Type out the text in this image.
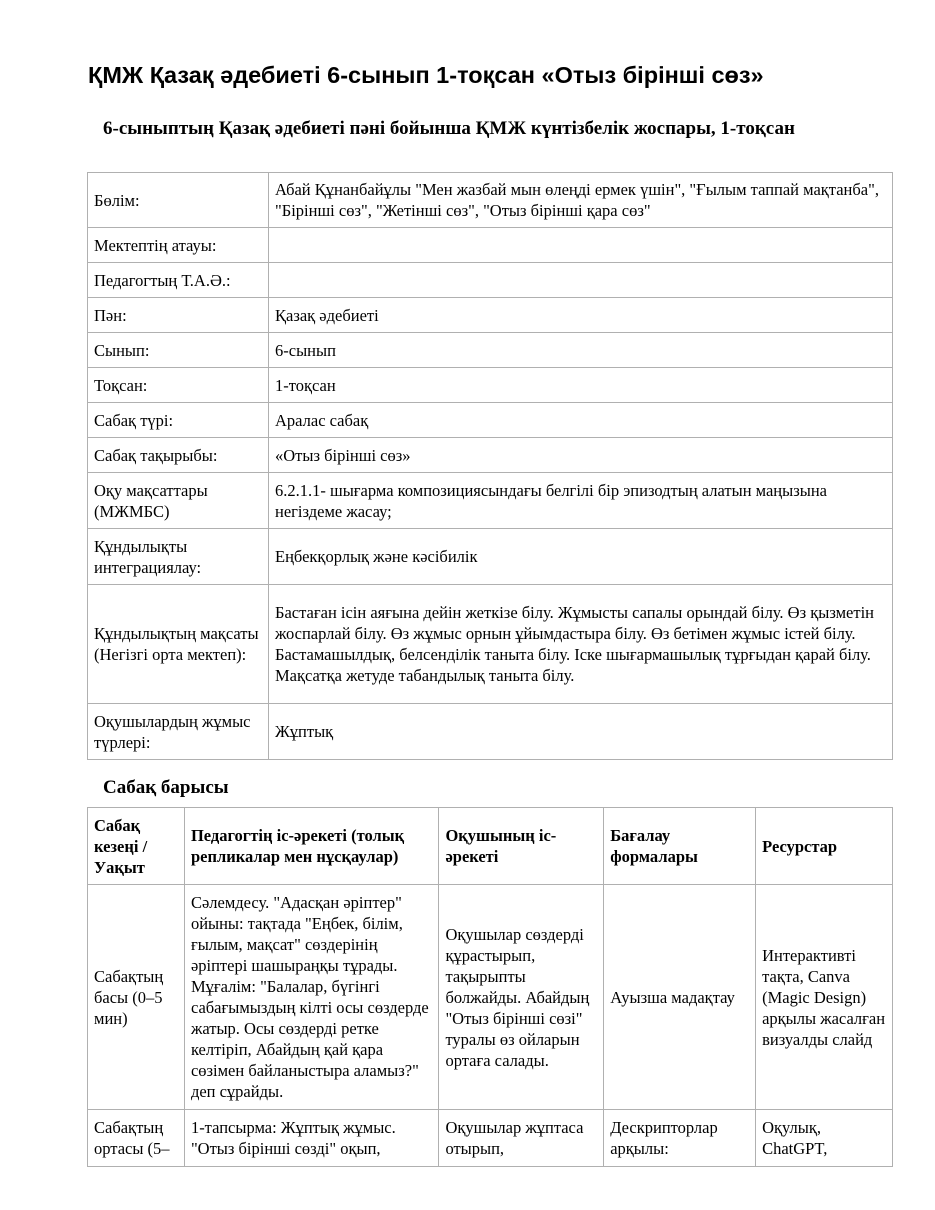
ҚМЖ Қазақ әдебиеті 6-сынып 1-тоқсан «Отыз бірінші сөз»
6-сыныптың Қазақ әдебиеті пәні бойынша ҚМЖ күнтізбелік жоспары, 1-тоқсан
Бөлім:	Абай Құнанбайұлы "Мен жазбай мын өлеңді ермек үшін", "Ғылым таппай мақтанба", "Бірінші сөз", "Жетінші сөз", "Отыз бірінші қара сөз"
Мектептің атауы:	
Педагогтың Т.А.Ә.:	
Пән:	Қазақ әдебиеті
Сынып:	6-сынып
Тоқсан:	1-тоқсан
Сабақ түрі:	Аралас сабақ
Сабақ тақырыбы:	«Отыз бірінші сөз»
Оқу мақсаттары (МЖМБС)	6.2.1.1- шығарма композициясындағы белгілі бір эпизодтың алатын маңызына негіздеме жасау;
Құндылықты интеграциялау:	Еңбекқорлық және кәсібилік
Құндылықтың мақсаты (Негізгі орта мектеп):	Бастаған ісін аяғына дейін жеткізе білу. Жұмысты сапалы орындай білу. Өз қызметін жоспарлай білу. Өз жұмыс орнын ұйымдастыра білу. Өз бетімен жұмыс істей білу. Бастамашылдық, белсенділік таныта білу. Іске шығармашылық тұрғыдан қарай білу. Мақсатқа жетуде табандылық таныта білу.
Оқушылардың жұмыс түрлері:	Жұптық
Сабақ барысы
Сабақ кезеңі / Уақыт	Педагогтің іс-әрекеті (толық репликалар мен нұсқаулар)	Оқушының іс-әрекеті	Бағалау формалары	Ресурстар
Сабақтың басы (0–5 мин)	Сәлемдесу. "Адасқан әріптер" ойыны: тақтада "Еңбек, білім, ғылым, мақсат" сөздерінің әріптері шашыраңқы тұрады. Мұғалім: "Балалар, бүгінгі сабағымыздың кілті осы сөздерде жатыр. Осы сөздерді ретке келтіріп, Абайдың қай қара сөзімен байланыстыра аламыз?" деп сұрайды.	Оқушылар сөздерді құрастырып, тақырыпты болжайды. Абайдың "Отыз бірінші сөзі" туралы өз ойларын ортаға салады.	Ауызша мадақтау	Интерактивті тақта, Canva (Magic Design) арқылы жасалған визуалды слайд
Сабақтың ортасы (5–	1-тапсырма: Жұптық жұмыс. "Отыз бірінші сөзді" оқып,	Оқушылар жұптаса отырып,	Дескрипторлар арқылы:	Оқулық, ChatGPT,
